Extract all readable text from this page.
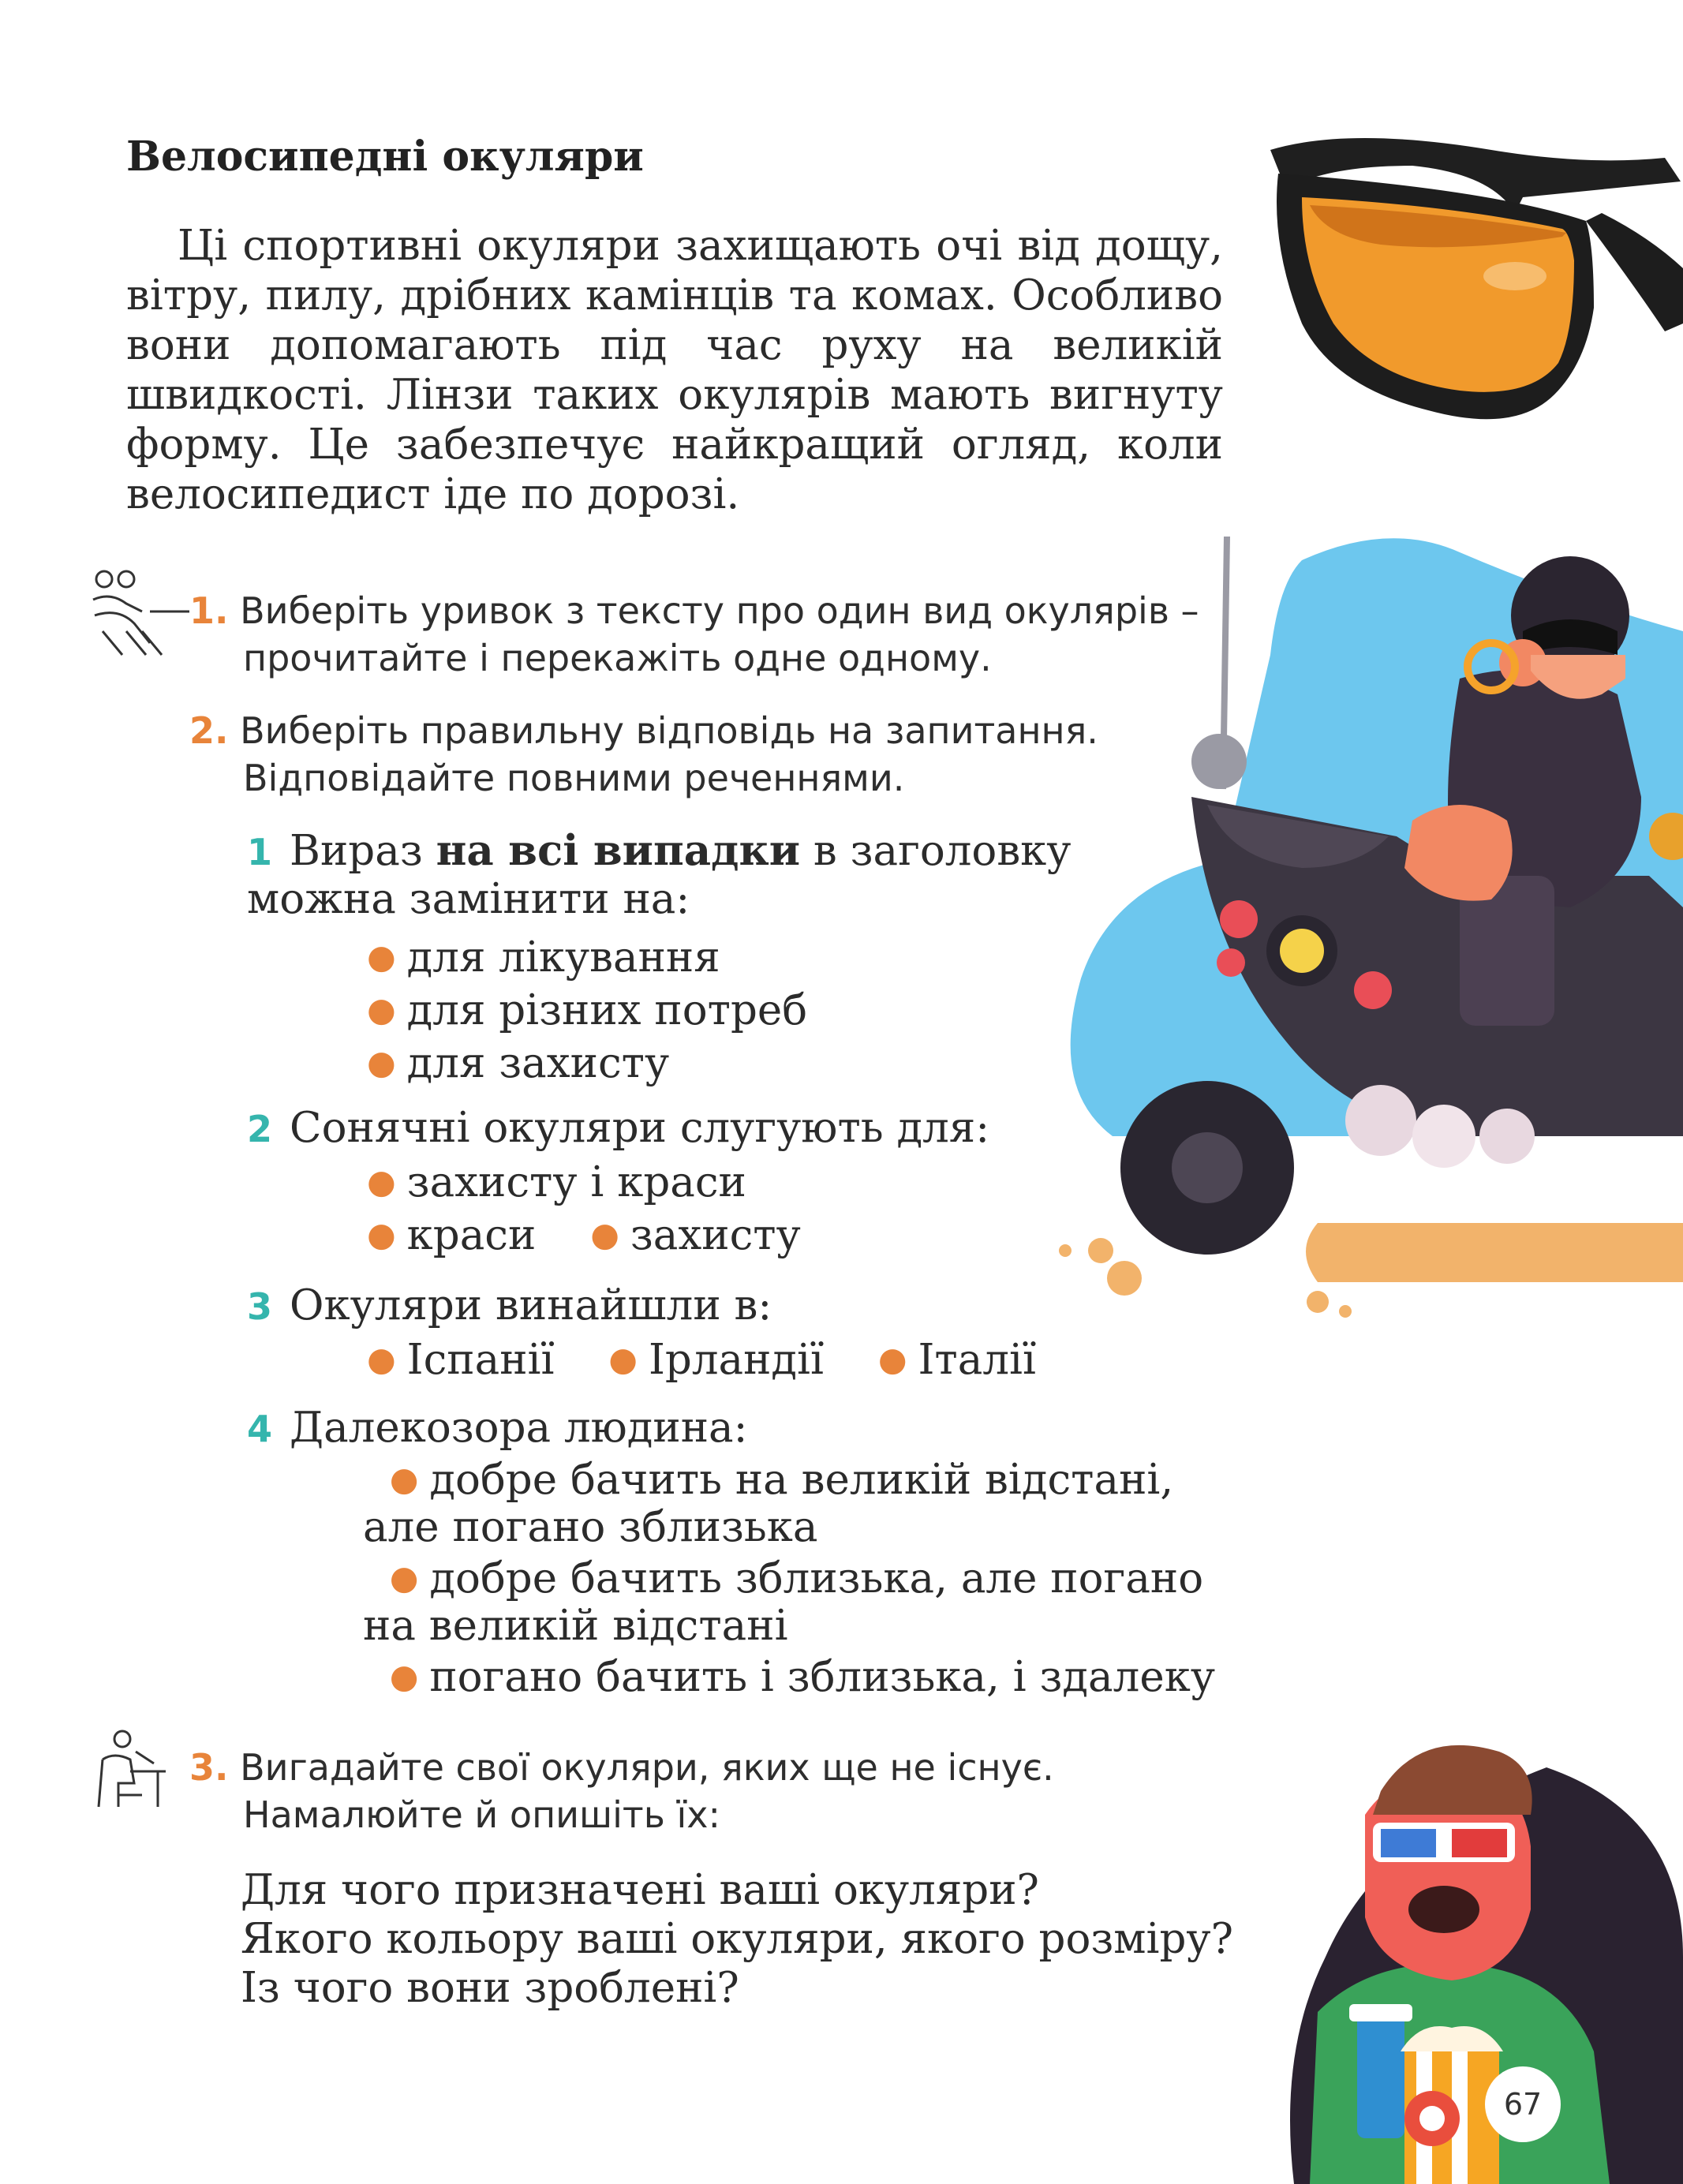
Велосипедні окуляри

Ці спортивні окуляри захищають очі від дощу, вітру, пилу, дрібних камінців та комах. Особливо вони допомагають під час руху на великій швидкості. Лінзи таких окулярів мають вигнуту форму. Це забезпечує найкращий огляд, коли велосипедист іде по дорозі.

1. Виберіть уривок з тексту про один вид окулярів –
прочитайте і перекажіть одне одному.
2. Виберіть правильну відповідь на запитання.
Відповідайте повними реченнями.
1 Вираз на всі випадки в заголовку
можна замінити на:
● для лікування
● для різних потреб
● для захисту
2 Сонячні окуляри слугують для:
● захисту і краси
● краси ● захисту
3 Окуляри винайшли в:
● Іспанії ● Ірландії ● Італії
4 Далекозора людина:
● добре бачить на великій відстані,
але погано зблизька
● добре бачить зблизька, але погано
на великій відстані
● погано бачить і зблизька, і здалеку
3. Вигадайте свої окуляри, яких ще не існує.
Намалюйте й опишіть їх:
Для чого призначені ваші окуляри?
Якого кольору ваші окуляри, якого розміру?
Із чого вони зроблені?
67
